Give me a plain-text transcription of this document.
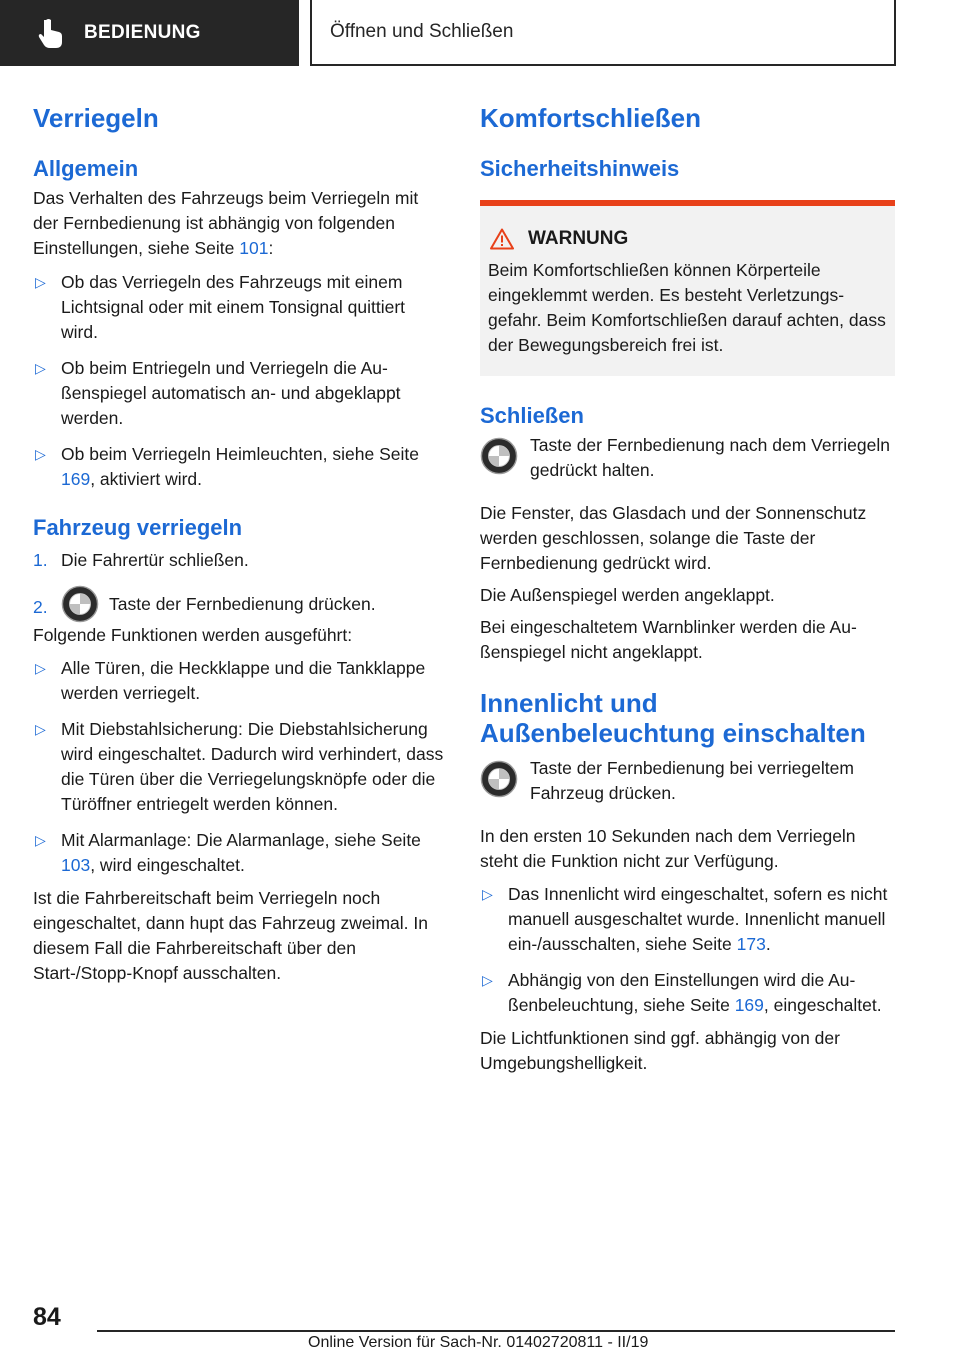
BEDIENUNG	Öffnen und Schließen
Verriegeln
Allgemein

Das Verhalten des Fahrzeugs beim Verriegeln mit der Fernbedienung ist abhängig von folgenden Einstellungen, siehe Seite 101:

▷ Ob das Verriegeln des Fahrzeugs mit einem Lichtsignal oder mit einem Tonsignal quittiert wird.
▷ Ob beim Entriegeln und Verriegeln die Außenspiegel automatisch an- und abgeklappt werden.
▷ Ob beim Verriegeln Heimleuchten, siehe Seite 169, aktiviert wird.
Fahrzeug verriegeln
1. Die Fahrertür schließen.
2.	Taste der Fernbedienung drücken.

Folgende Funktionen werden ausgeführt:

▷ Alle Türen, die Heckklappe und die Tankklappe werden verriegelt.
▷ Mit Diebstahlsicherung: Die Diebstahlsicherung wird eingeschaltet. Dadurch wird verhindert, dass die Türen über die Verriegelungsknöpfe oder die Türöffner entriegelt werden können.
▷ Mit Alarmanlage: Die Alarmanlage, siehe Seite 103, wird eingeschaltet.

Ist die Fahrbereitschaft beim Verriegeln noch eingeschaltet, dann hupt das Fahrzeug zweimal. In diesem Fall die Fahrbereitschaft über den Start-/Stopp-Knopf ausschalten.

Komfortschließen
Sicherheitshinweis
WARNUNG

Beim Komfortschließen können Körperteile eingeklemmt werden. Es besteht Verletzungsgefahr. Beim Komfortschließen darauf achten, dass der Bewegungsbereich frei ist.

Schließen

Taste der Fernbedienung nach dem Verriegeln gedrückt halten.

Die Fenster, das Glasdach und der Sonnenschutz werden geschlossen, solange die Taste der Fernbedienung gedrückt wird.

Die Außenspiegel werden angeklappt.

Bei eingeschaltetem Warnblinker werden die Außenspiegel nicht angeklappt.

Innenlicht und Außenbeleuchtung einschalten

Taste der Fernbedienung bei verriegeltem Fahrzeug drücken.

In den ersten 10 Sekunden nach dem Verriegeln steht die Funktion nicht zur Verfügung.

▷ Das Innenlicht wird eingeschaltet, sofern es nicht manuell ausgeschaltet wurde. Innenlicht manuell ein-/ausschalten, siehe Seite 173.
▷ Abhängig von den Einstellungen wird die Außenbeleuchtung, siehe Seite 169, eingeschaltet.

Die Lichtfunktionen sind ggf. abhängig von der Umgebungshelligkeit.

84
Online Version für Sach-Nr. 01402720811 - II/19
